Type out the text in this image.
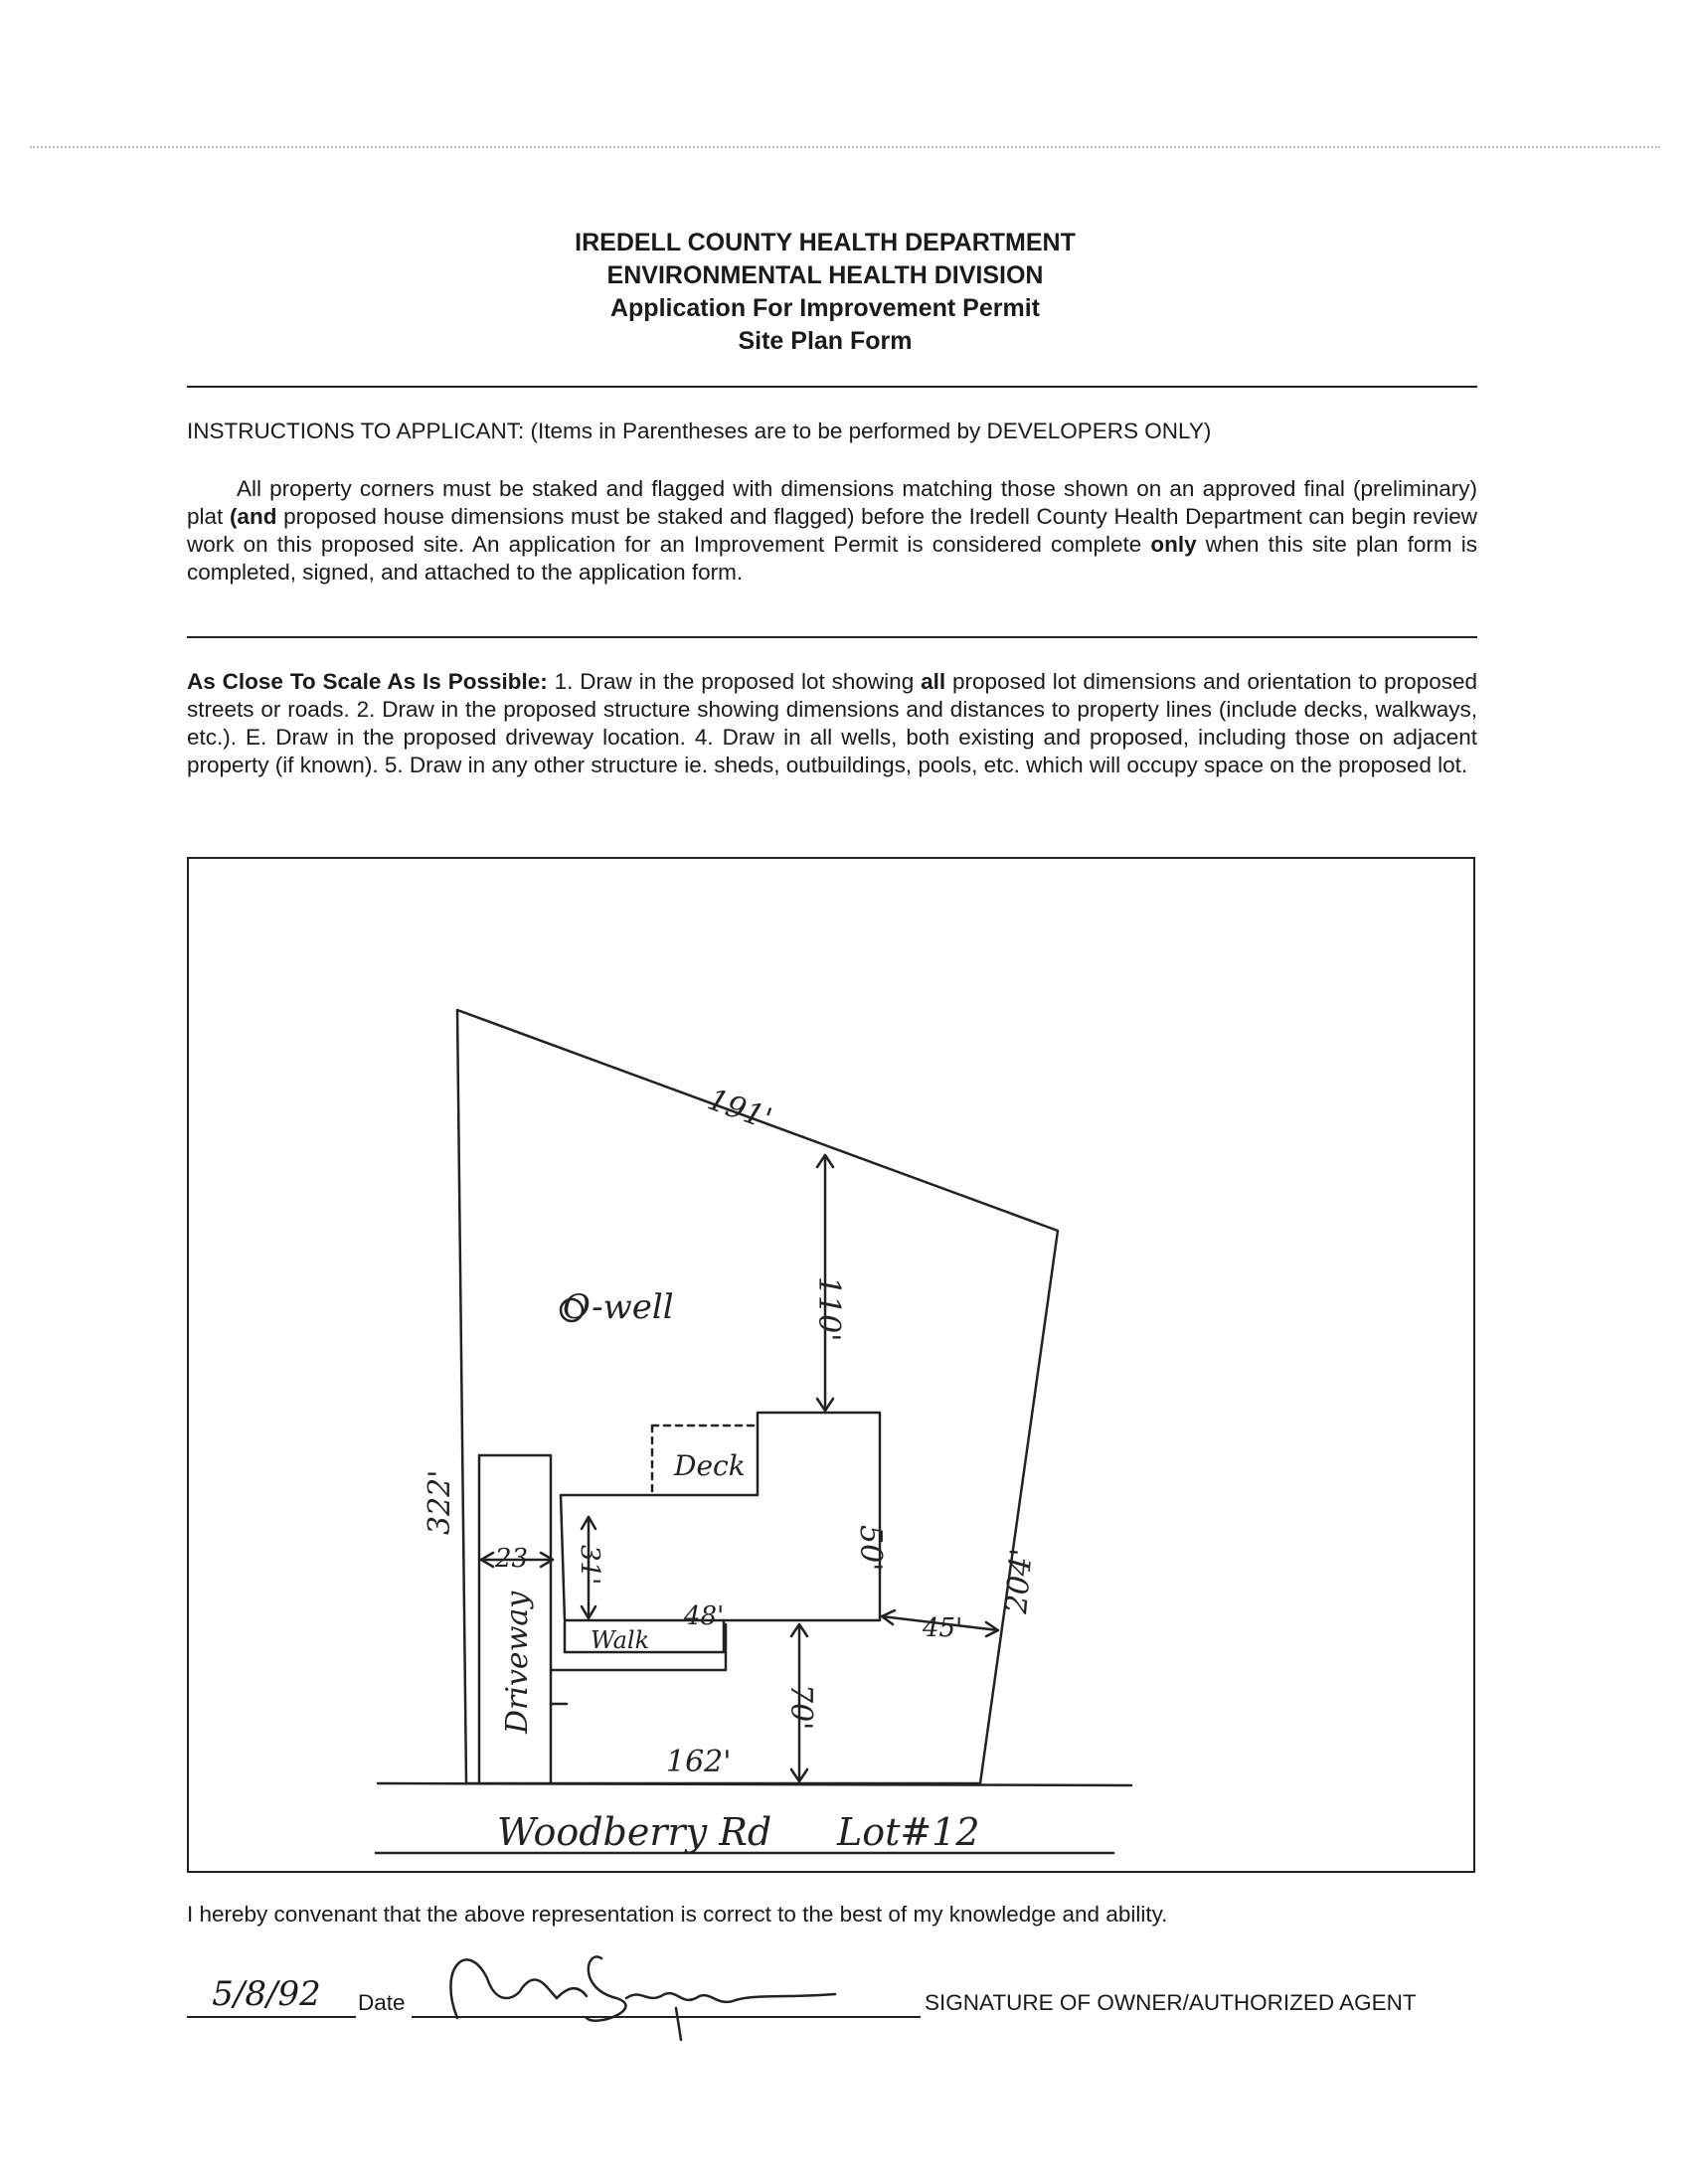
IREDELL COUNTY HEALTH DEPARTMENT
ENVIRONMENTAL HEALTH DIVISION
Application For Improvement Permit
Site Plan Form
INSTRUCTIONS TO APPLICANT: (Items in Parentheses are to be performed by DEVELOPERS ONLY)
All property corners must be staked and flagged with dimensions matching those shown on an approved final (preliminary) plat (and proposed house dimensions must be staked and flagged) before the Iredell County Health Department can begin review work on this proposed site. An application for an Improvement Permit is considered complete only when this site plan form is completed, signed, and attached to the application form.
As Close To Scale As Is Possible: 1. Draw in the proposed lot showing all proposed lot dimensions and orientation to proposed streets or roads. 2. Draw in the proposed structure showing dimensions and distances to property lines (include decks, walkways, etc.). E. Draw in the proposed driveway location. 4. Draw in all wells, both existing and proposed, including those on adjacent property (if known). 5. Draw in any other structure ie. sheds, outbuildings, pools, etc. which will occupy space on the proposed lot.
191'
322'
204'
162'
O-well	110'
50'
45'
70'
48'
31'
23
Deck
Walk
Driveway
Woodberry Rd Lot#12
I hereby convenant that the above representation is correct to the best of my knowledge and ability.
5/8/92	Date	SIGNATURE OF OWNER/AUTHORIZED AGENT
